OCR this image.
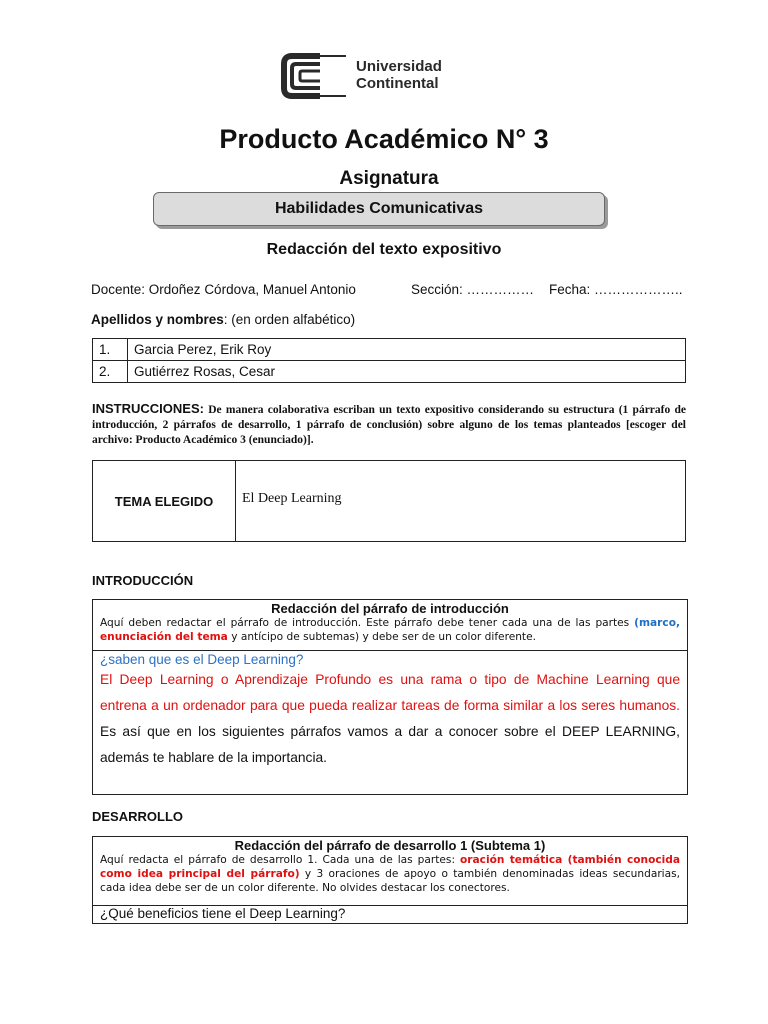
Universidad
Continental
Producto Académico N° 3
Asignatura
Habilidades Comunicativas
Redacción del texto expositivo
Docente: Ordoñez Córdova, Manuel Antonio	Sección: …………… Fecha: ………………..
Apellidos y nombres: (en orden alfabético)
1.	Garcia Perez, Erik Roy
2.	Gutiérrez Rosas, Cesar
INSTRUCCIONES: De manera colaborativa escriban un texto expositivo considerando su estructura (1 párrafo de introducción, 2 párrafos de desarrollo, 1 párrafo de conclusión) sobre alguno de los temas planteados [escoger del archivo: Producto Académico 3 (enunciado)].
TEMA ELEGIDO	El Deep Learning
INTRODUCCIÓN
Redacción del párrafo de introducción
Aquí deben redactar el párrafo de introducción. Este párrafo debe tener cada una de las partes (marco, enunciación del tema y antícipo de subtemas) y debe ser de un color diferente.
¿saben que es el Deep Learning?
El Deep Learning o Aprendizaje Profundo es una rama o tipo de Machine Learning que entrena a un ordenador para que pueda realizar tareas de forma similar a los seres humanos. Es así que en los siguientes párrafos vamos a dar a conocer sobre el DEEP LEARNING, además te hablare de la importancia.
DESARROLLO
Redacción del párrafo de desarrollo 1 (Subtema 1)
Aquí redacta el párrafo de desarrollo 1. Cada una de las partes: oración temática (también conocida como idea principal del párrafo) y 3 oraciones de apoyo o también denominadas ideas secundarias, cada idea debe ser de un color diferente. No olvides destacar los conectores.
¿Qué beneficios tiene el Deep Learning?
